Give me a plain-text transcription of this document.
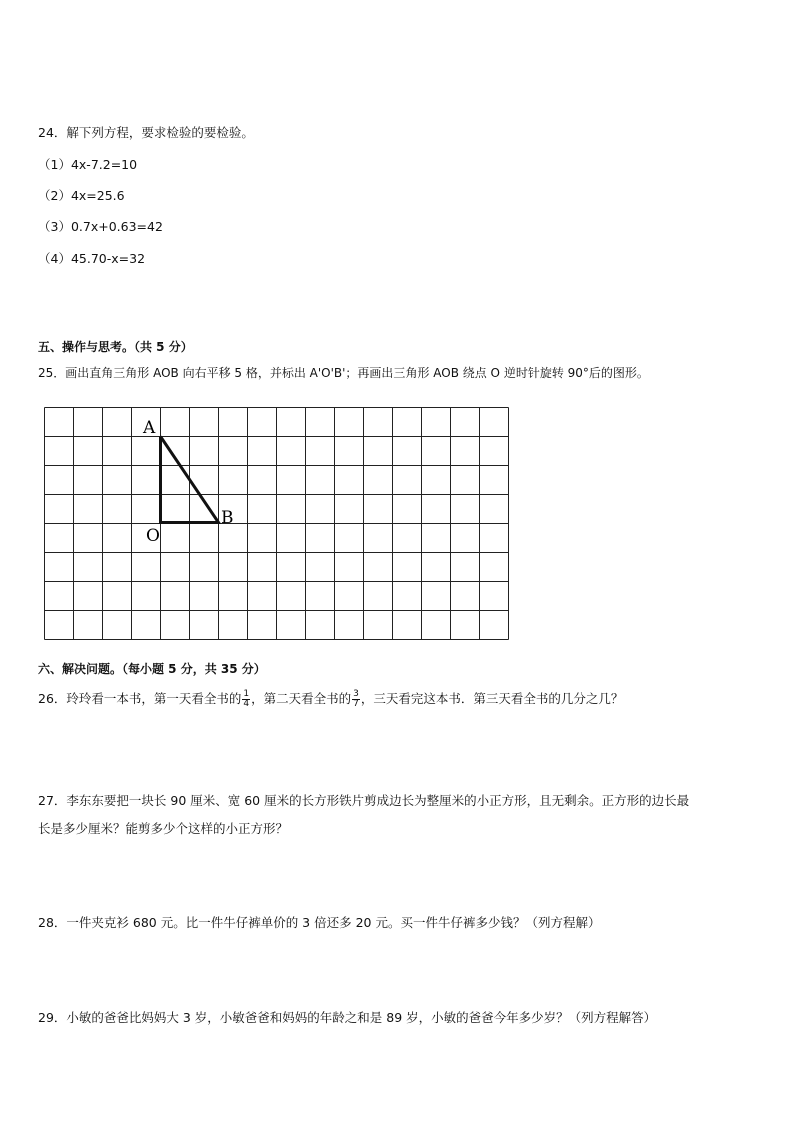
24．解下列方程，要求检验的要检验。
（1）4x-7.2=10
（2）4x=25.6
（3）0.7x+0.63=42
（4）45.70-x=32
五、操作与思考。（共 5 分）
25．画出直角三角形 AOB 向右平移 5 格，并标出 A'O'B'；再画出三角形 AOB 绕点 O 逆时针旋转 90°后的图形。
A
O
B
六、解决问题。（每小题 5 分，共 35 分）
26．玲玲看一本书，第一天看全书的 $\frac{1}{4}$ ，第二天看全书的 $\frac{3}{7}$ ，三天看完这本书．第三天看全书的几分之几？
27．李东东要把一块长 90 厘米、宽 60 厘米的长方形铁片剪成边长为整厘米的小正方形，且无剩余。正方形的边长最
长是多少厘米？能剪多少个这样的小正方形？
28．一件夹克衫 680 元。比一件牛仔裤单价的 3 倍还多 20 元。买一件牛仔裤多少钱？（列方程解）
29．小敏的爸爸比妈妈大 3 岁，小敏爸爸和妈妈的年龄之和是 89 岁，小敏的爸爸今年多少岁？（列方程解答）
